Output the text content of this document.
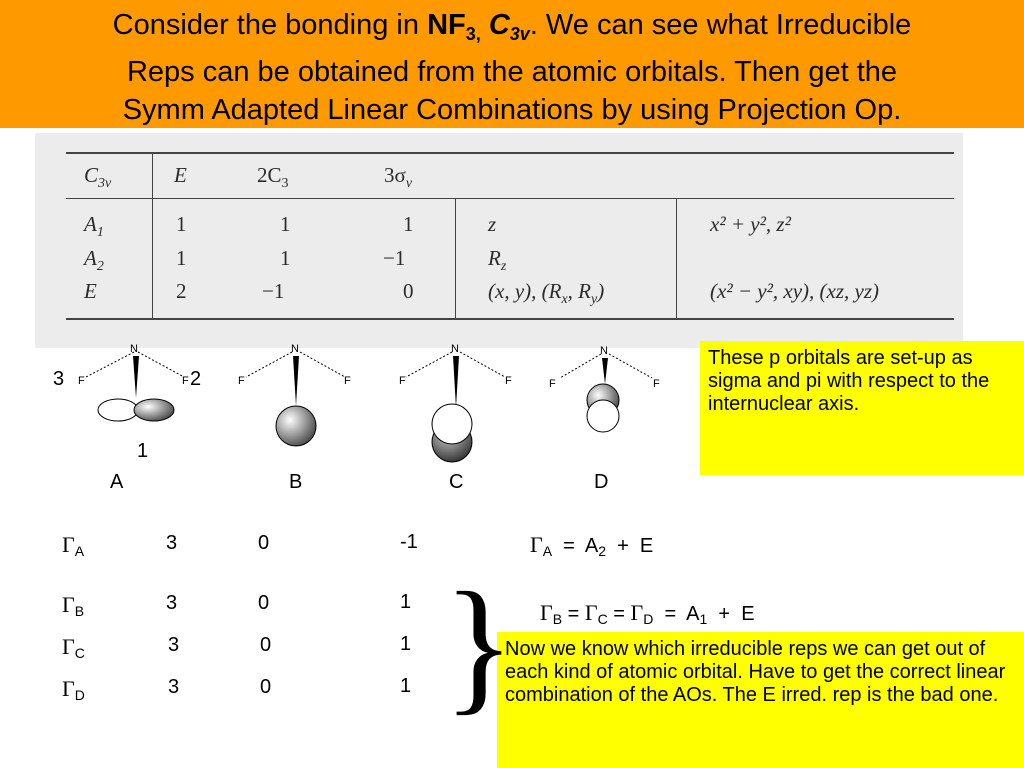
Consider the bonding in $NF_{3,}$ $C_{3v}$. We can see what Irreducible
Reps can be obtained from the atomic orbitals. Then get the
Symm Adapted Linear Combinations by using Projection Op.
$C_{3v}$	E	$2C_3$	$3\sigma_v$
$A_1$	1	1	1	z	x² + y², z²
$A_2$	1	1	−1	$R_z$
E	2	−1	0	(x, y), ($R_x$, $R_y$)	(x² − y², xy), (xz, yz)
N
F	F
N
F	F
N
F	F
N
F	F
3	2
1
A	B	C	D
These p orbitals are set-up as sigma and pi with respect to the internuclear axis.
Now we know which irreducible reps we can get out of each kind of atomic orbital. Have to get the correct linear combination of the AOs. The E irred. rep is the bad one.
$\Gamma_A$	3	0	-1
$\Gamma_B$	3	0	1
$\Gamma_C$	3	0	1
$\Gamma_D$	3	0	1 }
$\Gamma_A = A_2 + E$
$\Gamma_B = \Gamma_C = \Gamma_D = A_1 + E$
